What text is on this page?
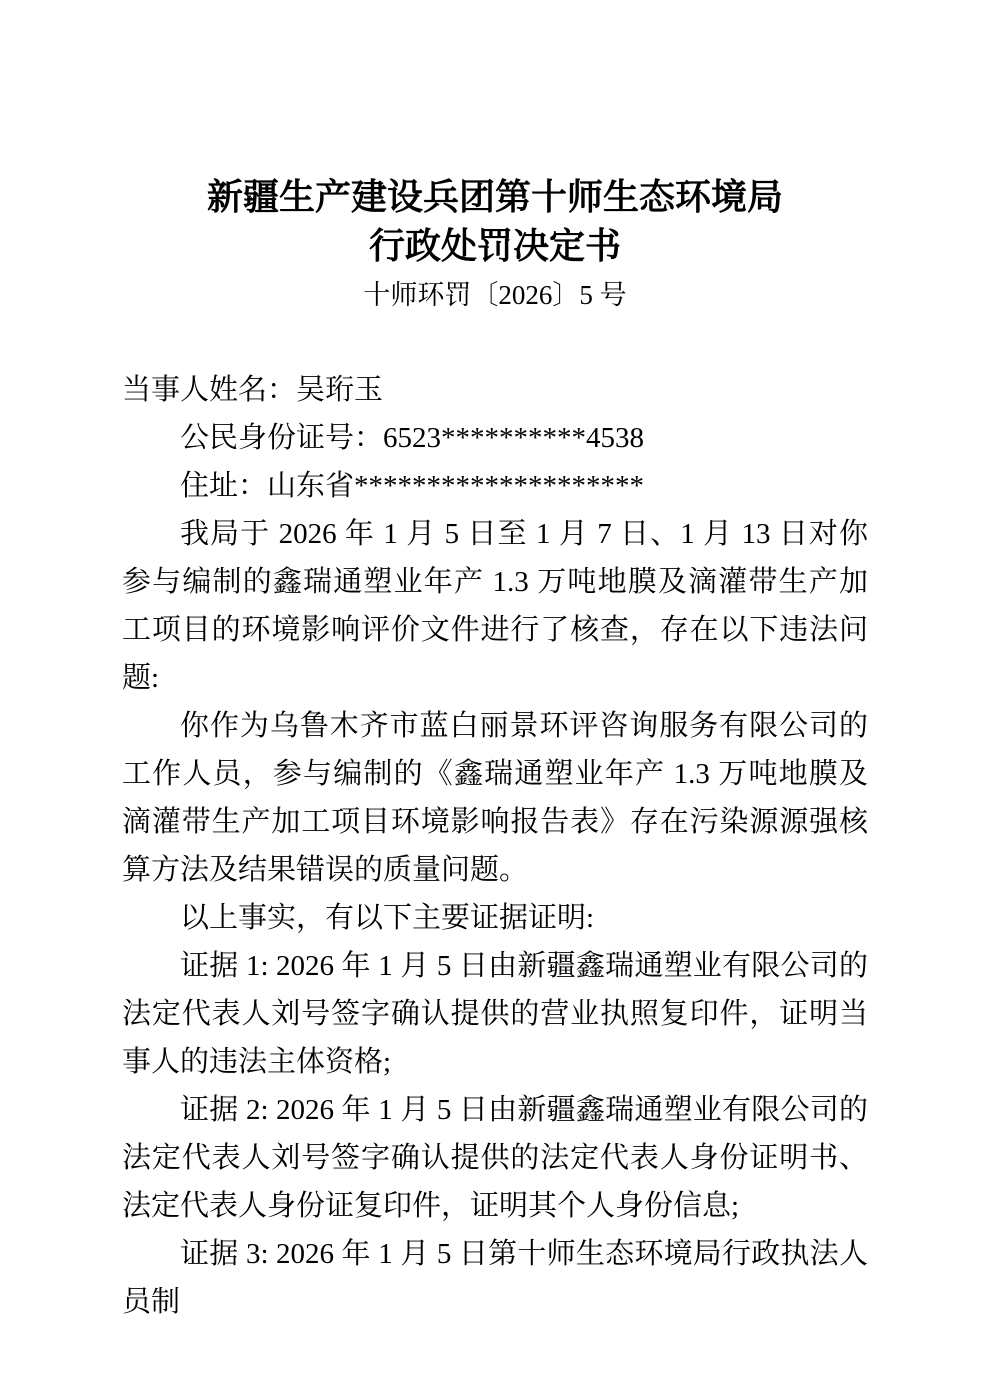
新疆生产建设兵团第十师生态环境局
行政处罚决定书
十师环罚〔2026〕5 号

当事人姓名：吴珩玉

公民身份证号：6523**********4538

住址：山东省********************

我局于 2026 年 1 月 5 日至 1 月 7 日、1 月 13 日对你参与编制的鑫瑞通塑业年产 1.3 万吨地膜及滴灌带生产加工项目的环境影响评价文件进行了核查，存在以下违法问题:

你作为乌鲁木齐市蓝白丽景环评咨询服务有限公司的工作人员，参与编制的《鑫瑞通塑业年产 1.3 万吨地膜及滴灌带生产加工项目环境影响报告表》存在污染源源强核算方法及结果错误的质量问题。

以上事实，有以下主要证据证明:

证据 1: 2026 年 1 月 5 日由新疆鑫瑞通塑业有限公司的法定代表人刘号签字确认提供的营业执照复印件，证明当事人的违法主体资格;

证据 2: 2026 年 1 月 5 日由新疆鑫瑞通塑业有限公司的法定代表人刘号签字确认提供的法定代表人身份证明书、法定代表人身份证复印件，证明其个人身份信息;

证据 3: 2026 年 1 月 5 日第十师生态环境局行政执法人员制
